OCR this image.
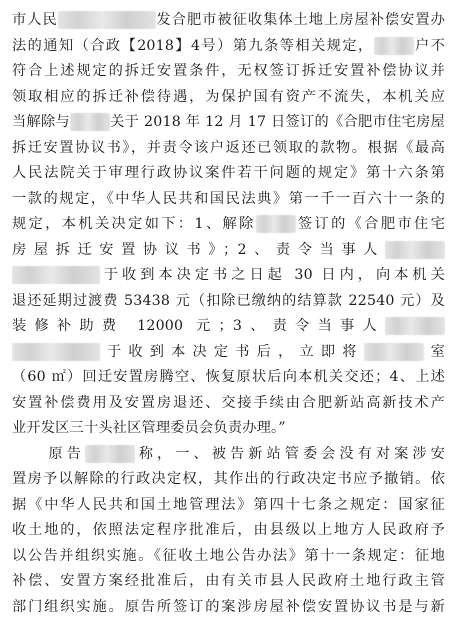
市人民	发合肥市被征收集体土地上房屋补偿安置办
法的通知（合政【2018】4号）第九条等相关规定，	户不
符合上述规定的拆迁安置条件，无权签订拆迁安置补偿协议并
领取相应的拆迁补偿待遇，为保护国有资产不流失，本机关应
当解除与	关于 2018 年 12 月 17 日签订的《合肥市住宅房屋
拆迁安置协议书》，并责令该户返还已领取的款物。根据《最高
人民法院关于审理行政协议案件若干问题的规定》第十六条第
一款的规定，《中华人民共和国民法典》第一千一百六十一条的
规定，本机关决定如下：1、解除	签订的《合肥市住宅
房屋拆迁安置协议书》；2、责令当事人
于收到本决定书之日起 30 日内，向本机关
退还延期过渡费 53438 元（扣除已缴纳的结算款 22540 元）及
装修补助费 12000 元；3、责令当事人
于收到本决定书后，立即将	室
（60 ㎡）回迁安置房腾空、恢复原状后向本机关交还；4、上述
安置补偿费用及安置房退还、交接手续由合肥新站高新技术产
业开发区三十头社区管理委员会负责办理。”
　　原告	称，一、被告新站管委会没有对案涉安
置房予以解除的行政决定权，其作出的行政决定书应予撤销。依
据《中华人民共和国土地管理法》第四十七条之规定：国家征
收土地的，依照法定程序批准后，由县级以上地方人民政府予
以公告并组织实施。《征收土地公告办法》第十一条规定：征地
补偿、安置方案经批准后，由有关市县人民政府土地行政主管
部门组织实施。原告所签订的案涉房屋补偿安置协议书是与新
